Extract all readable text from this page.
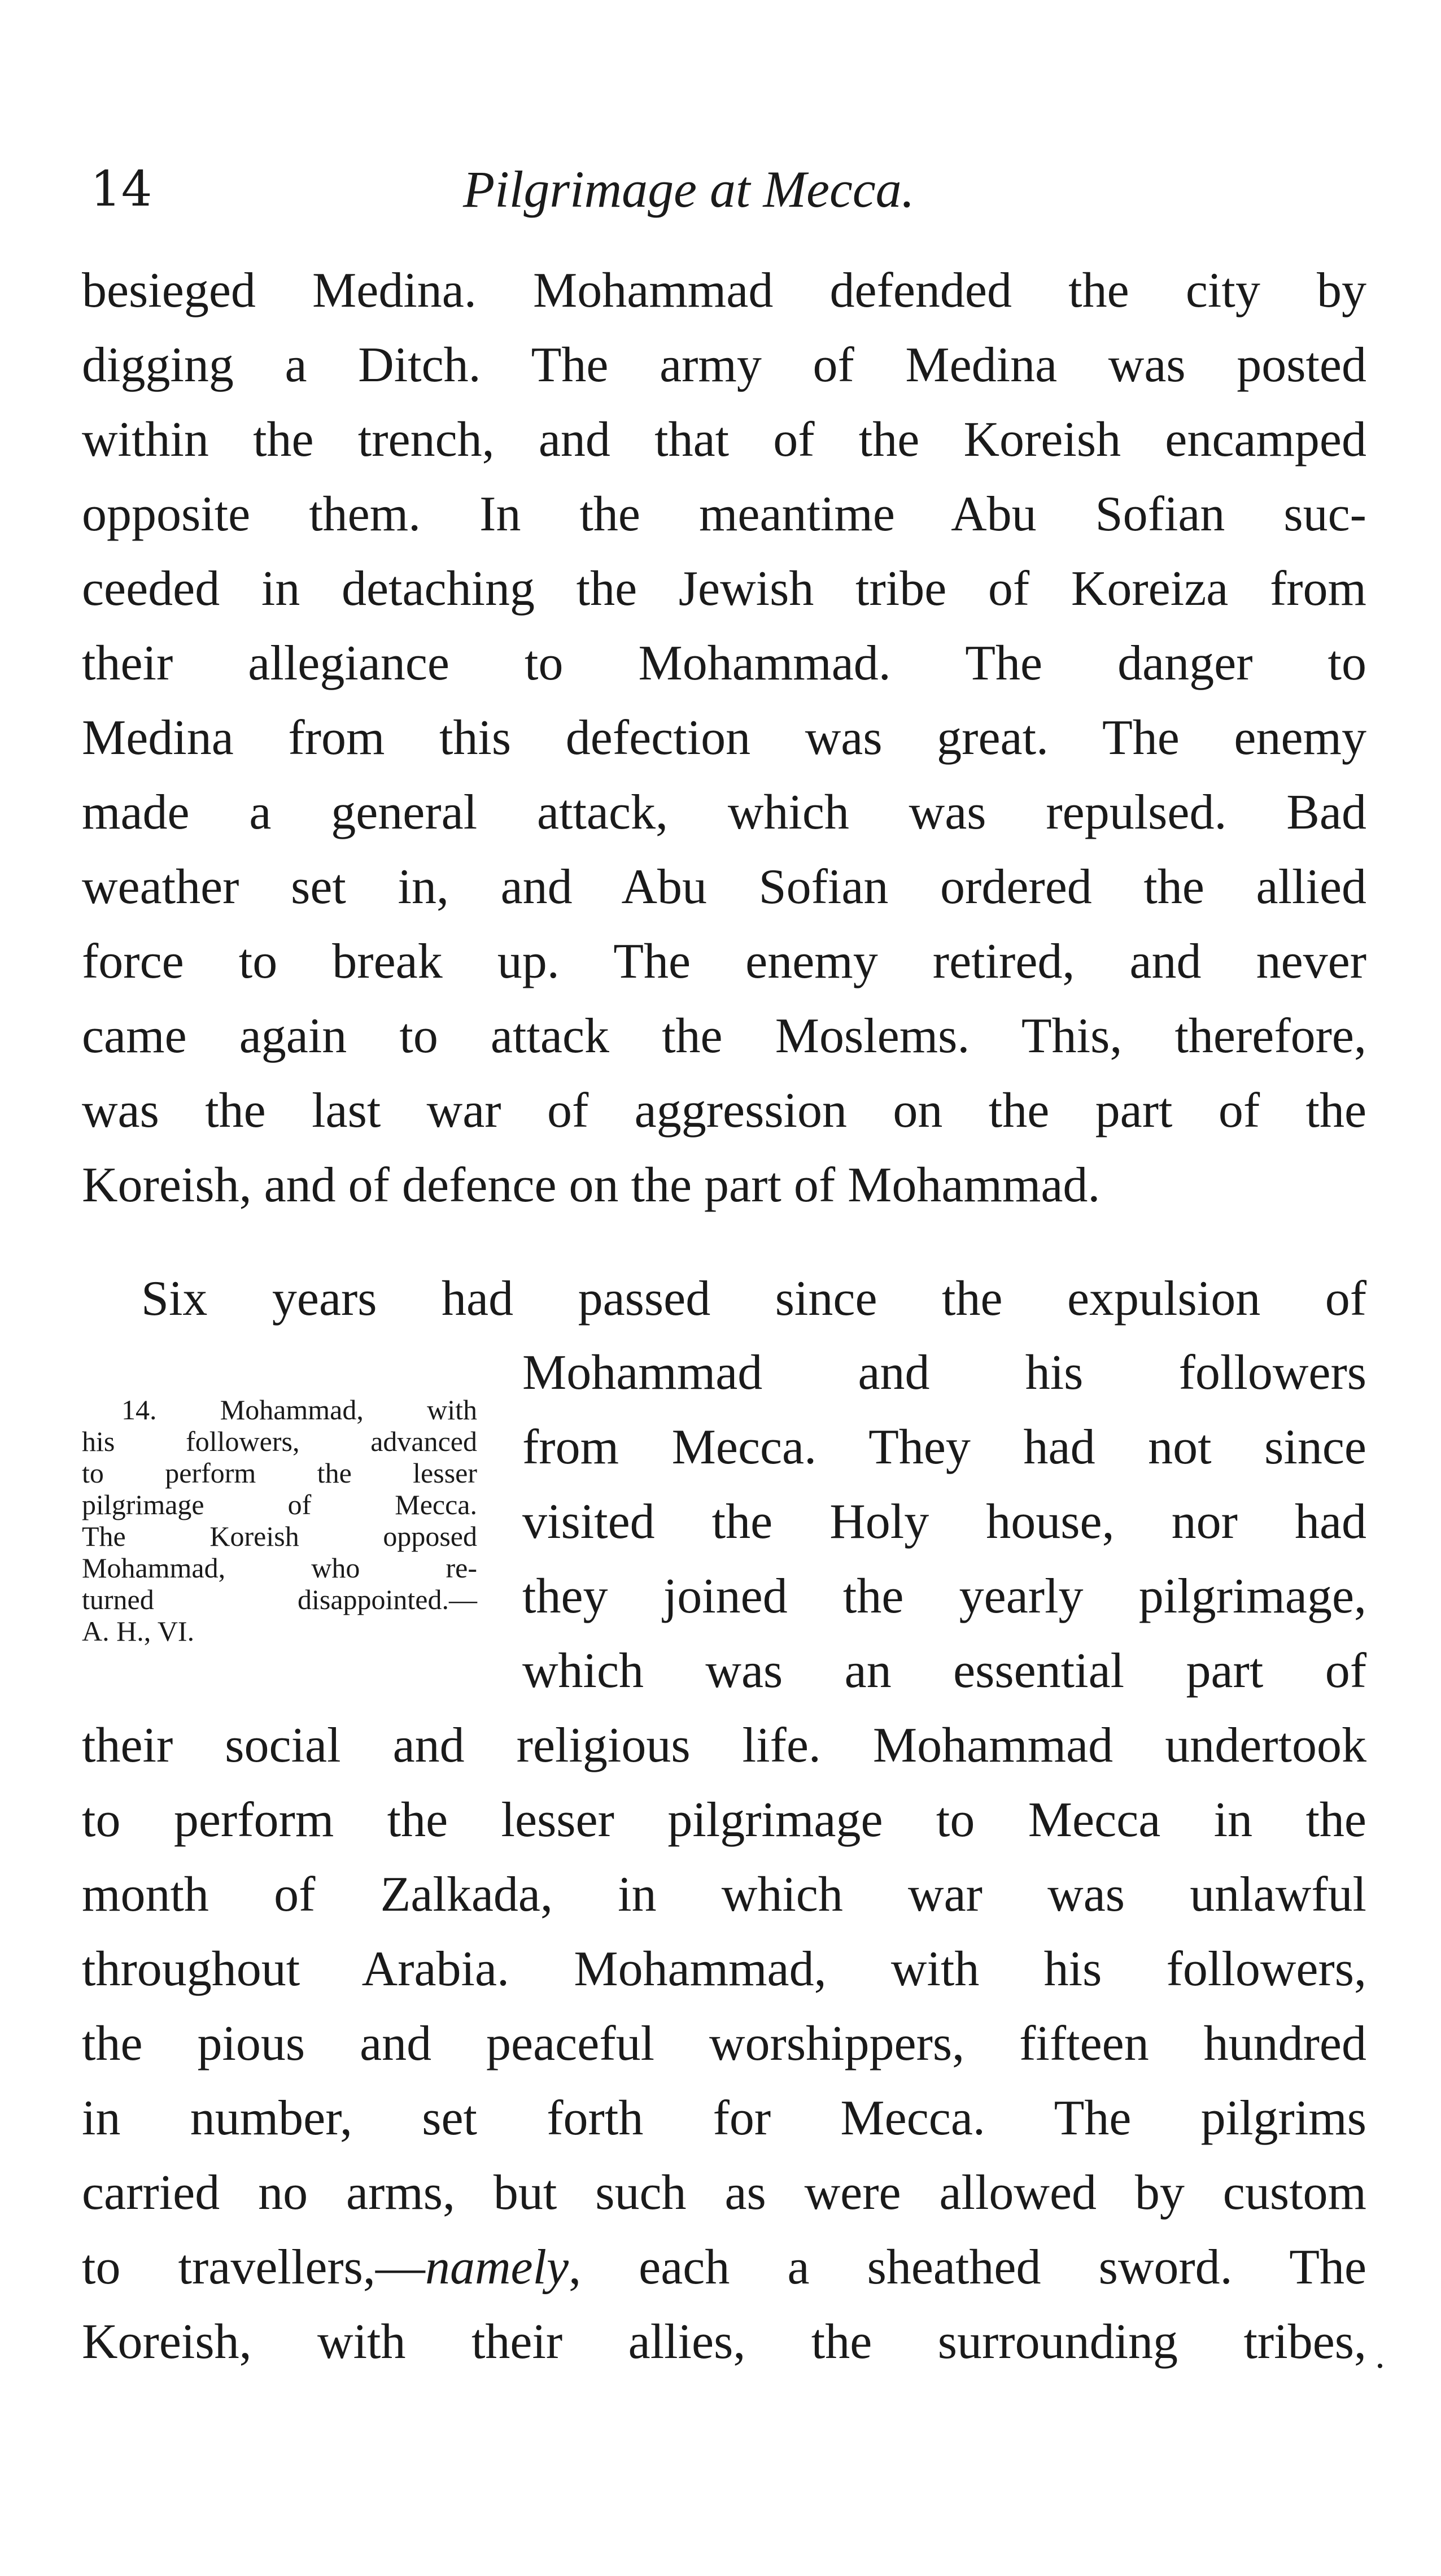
14	Pilgrimage at Mecca.
besieged Medina. Mohammad defended the city by
digging a Ditch. The army of Medina was posted
within the trench, and that of the Koreish encamped
opposite them. In the meantime Abu Sofian suc-
ceeded in detaching the Jewish tribe of Koreiza from
their allegiance to Mohammad. The danger to
Medina from this defection was great. The enemy
made a general attack, which was repulsed. Bad
weather set in, and Abu Sofian ordered the allied
force to break up. The enemy retired, and never
came again to attack the Moslems. This, therefore,
was the last war of aggression on the part of the
Koreish, and of defence on the part of Mohammad.
Six years had passed since the expulsion of
Mohammad and his followers
from Mecca. They had not since
visited the Holy house, nor had
they joined the yearly pilgrimage,
which was an essential part of
their social and religious life. Mohammad undertook
to perform the lesser pilgrimage to Mecca in the
month of Zalkada, in which war was unlawful
throughout Arabia. Mohammad, with his followers,
the pious and peaceful worshippers, fifteen hundred
in number, set forth for Mecca. The pilgrims
carried no arms, but such as were allowed by custom
to travellers,—namely, each a sheathed sword. The
Koreish, with their allies, the surrounding tribes,
14. Mohammad, with
his followers, advanced
to perform the lesser
pilgrimage of Mecca.
The Koreish opposed
Mohammad, who re-
turned disappointed.—
A. H., VI.
